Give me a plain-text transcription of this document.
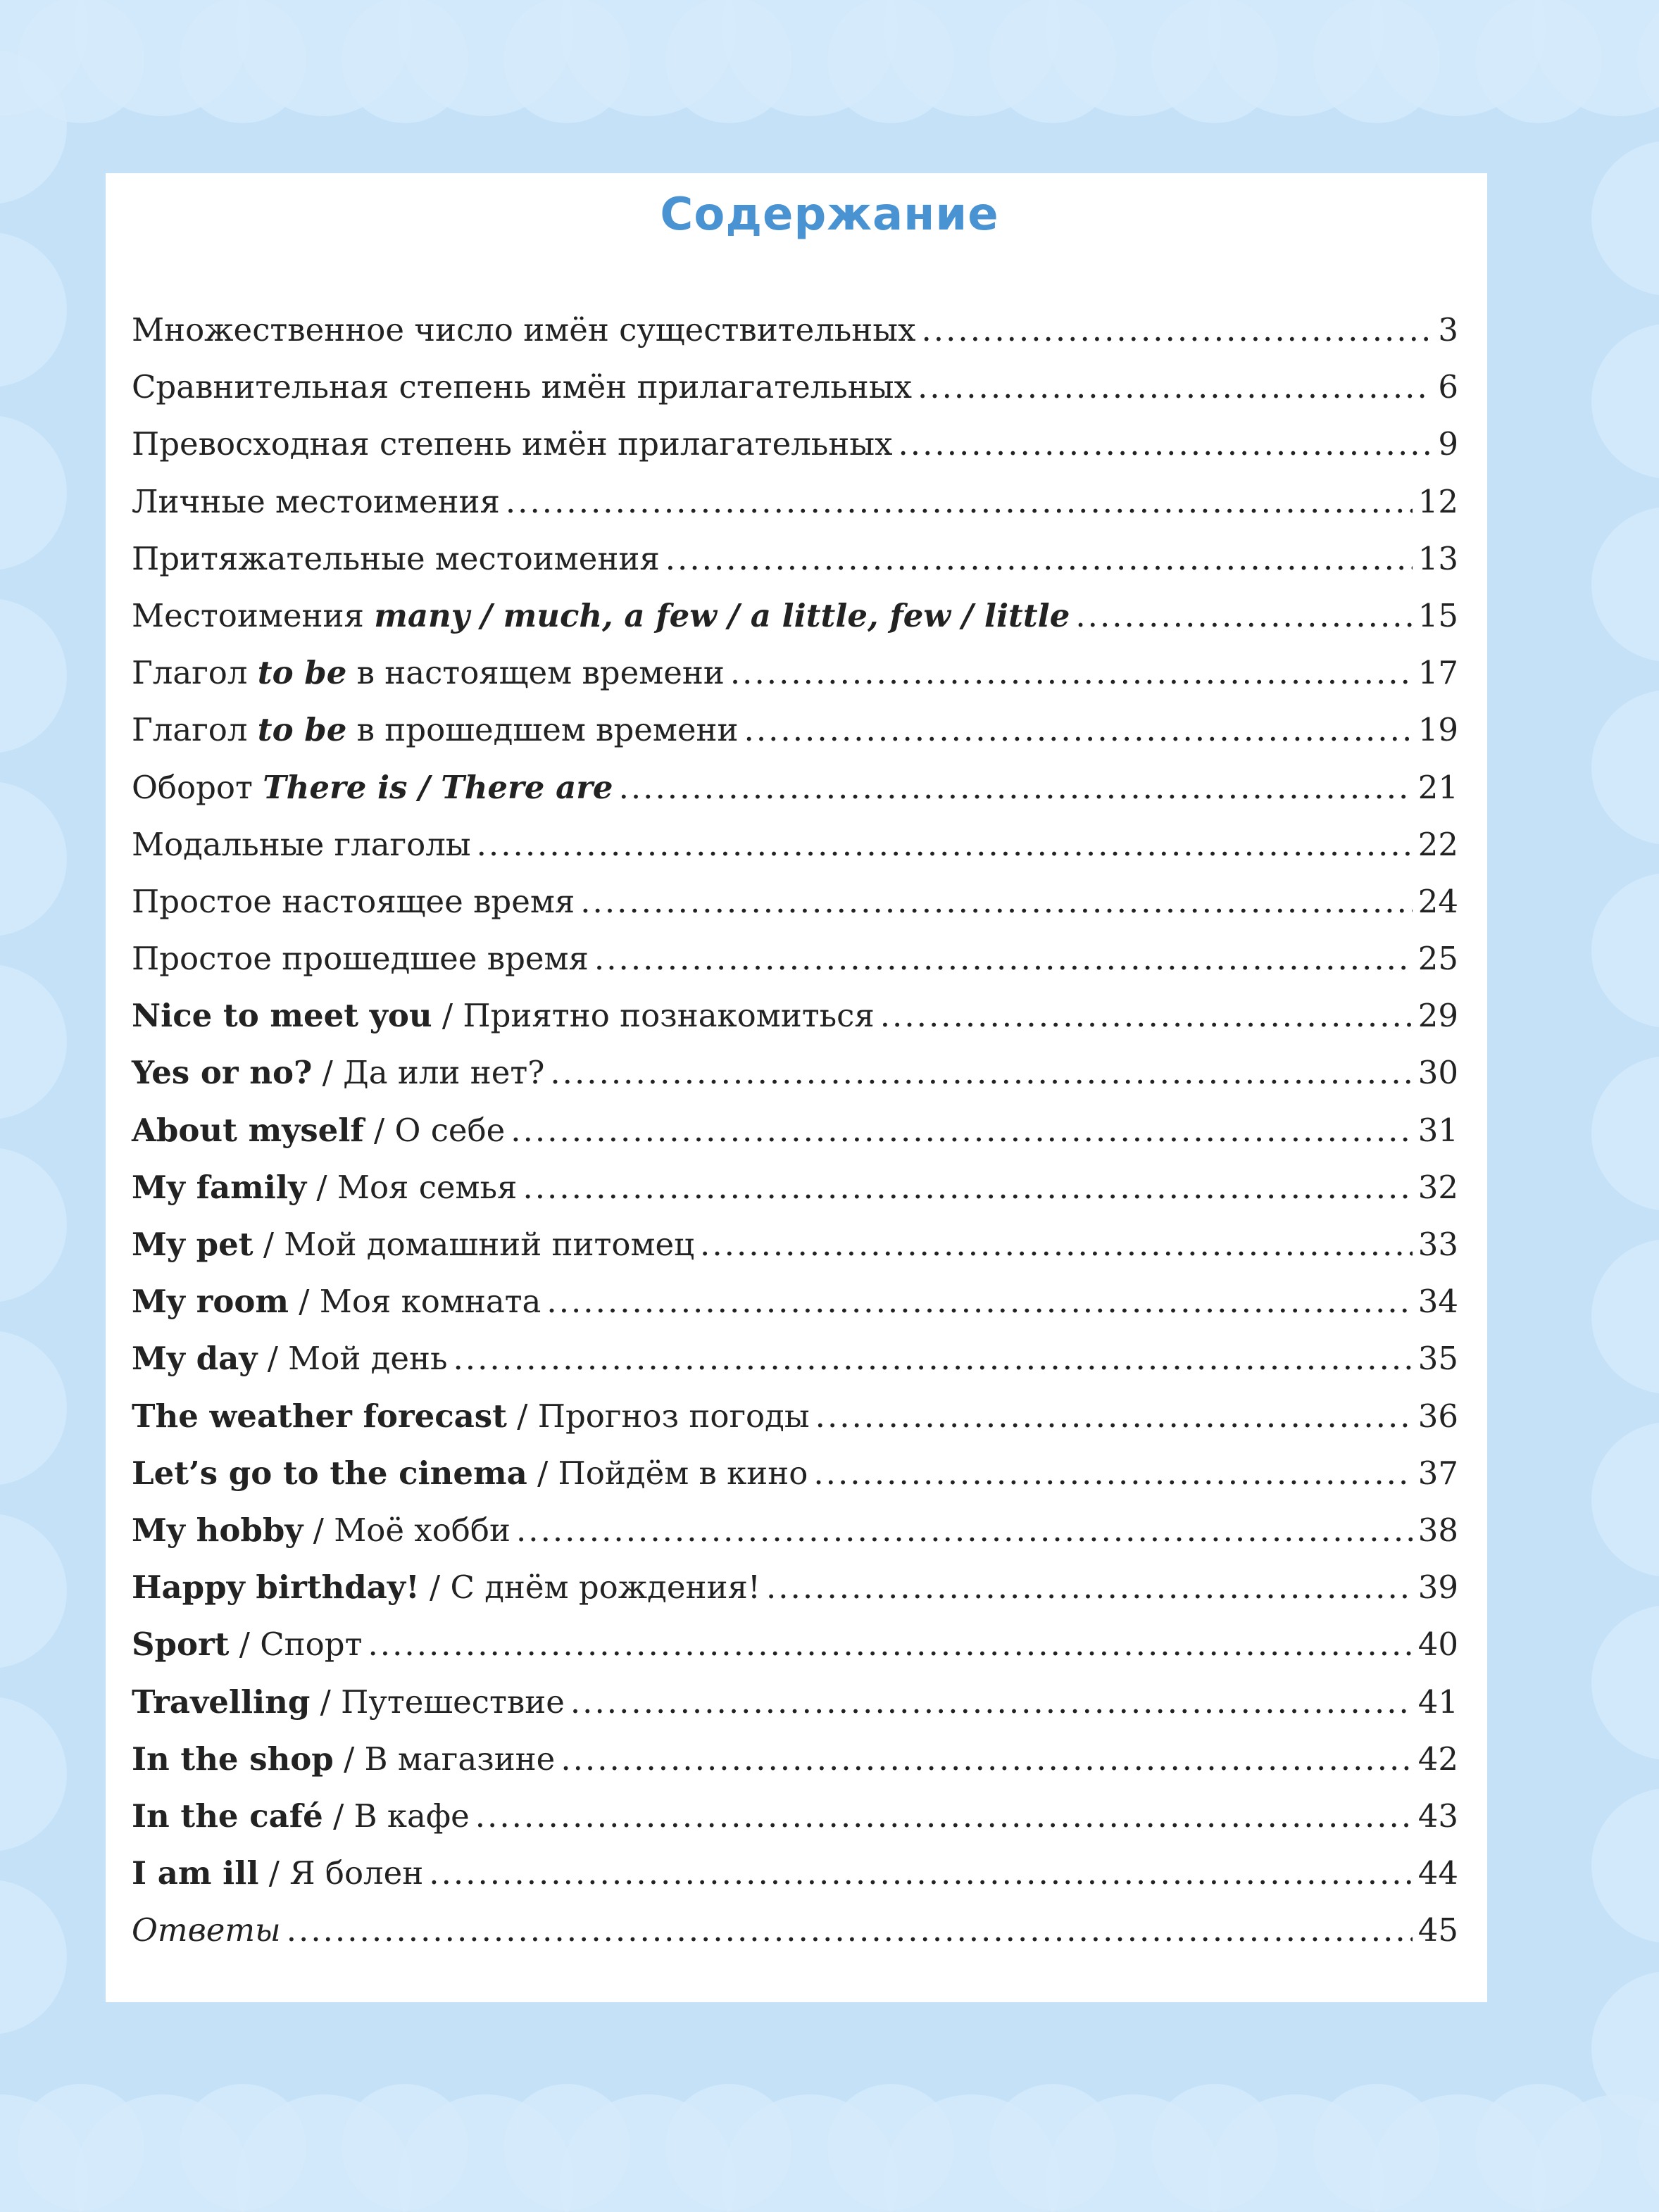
Содержание
Множественное число имён существительных .....	3
Сравнительная степень имён прилагательных .....	6
Превосходная степень имён прилагательных .....	9
Личные местоимения .....	12
Притяжательные местоимения .....	13
Местоимения many / much, a few / a little, few / little .....	15
Глагол to be в настоящем времени .....	17
Глагол to be в прошедшем времени .....	19
Оборот There is / There are .....	21
Модальные глаголы .....	22
Простое настоящее время .....	24
Простое прошедшее время .....	25
Nice to meet you / Приятно познакомиться .....	29
Yes or no? / Да или нет? .....	30
About myself / О себе .....	31
My family / Моя семья .....	32
My pet / Мой домашний питомец .....	33
My room / Моя комната .....	34
My day / Мой день .....	35
The weather forecast / Прогноз погоды .....	36
Let’s go to the cinema / Пойдём в кино .....	37
My hobby / Моё хобби .....	38
Happy birthday! / С днём рождения! .....	39
Sport / Спорт .....	40
Travelling / Путешествие .....	41
In the shop / В магазине .....	42
In the café / В кафе .....	43
I am ill / Я болен .....	44
Ответы .....	45
